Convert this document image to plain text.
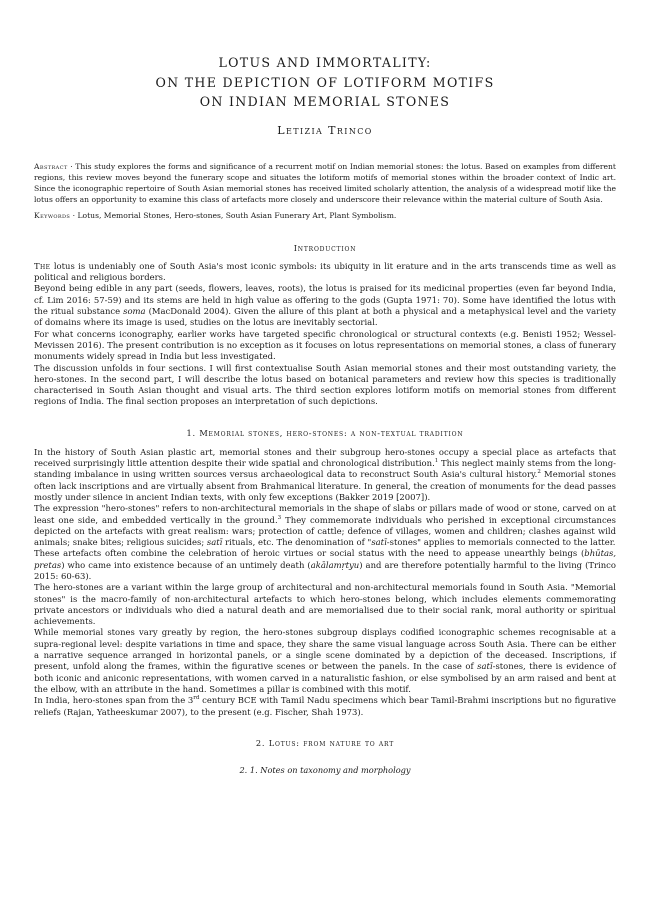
LOTUS AND IMMORTALITY:
ON THE DEPICTION OF LOTIFORM MOTIFS
ON INDIAN MEMORIAL STONES
Letizia Trinco
Abstract · This study explores the forms and significance of a recurrent motif on Indian memorial stones: the lotus. Based on examples from different regions, this review moves beyond the funerary scope and situates the lotiform motifs of memorial stones within the broader context of Indic art. Since the iconographic repertoire of South Asian memorial stones has received limited scholarly attention, the analysis of a widespread motif like the lotus offers an opportunity to examine this class of artefacts more closely and underscore their relevance within the material culture of South Asia.
Keywords · Lotus, Memorial Stones, Hero-stones, South Asian Funerary Art, Plant Symbolism.
Introduction

The lotus is undeniably one of South Asia's most iconic symbols: its ubiquity in lit erature and in the arts transcends time as well as political and religious borders.

Beyond being edible in any part (seeds, flowers, leaves, roots), the lotus is praised for its medicinal properties (even far beyond India, cf. Lim 2016: 57-59) and its stems are held in high value as offering to the gods (Gupta 1971: 70). Some have identified the lotus with the ritual substance soma (MacDonald 2004). Given the allure of this plant at both a physical and a metaphysical level and the variety of domains where its image is used, studies on the lotus are inevitably sectorial.

For what concerns iconography, earlier works have targeted specific chronological or structural contexts (e.g. Benisti 1952; Wessel-Mevissen 2016). The present contribution is no exception as it focuses on lotus representations on memorial stones, a class of funerary monuments widely spread in India but less investigated.

The discussion unfolds in four sections. I will first contextualise South Asian memorial stones and their most outstanding variety, the hero-stones. In the second part, I will describe the lotus based on botanical parameters and review how this species is traditionally characterised in South Asian thought and visual arts. The third section explores lotiform motifs on memorial stones from different regions of India. The final section proposes an interpretation of such depictions.

1. Memorial stones, hero-stones: a non-textual tradition

In the history of South Asian plastic art, memorial stones and their subgroup hero-stones occupy a special place as artefacts that received surprisingly little attention despite their wide spatial and chronological distribution.$^1$ This neglect mainly stems from the long-standing imbalance in using written sources versus archaeological data to reconstruct South Asia's cultural history.$^2$ Memorial stones often lack inscriptions and are virtually absent from Brahmanical literature. In general, the creation of monuments for the dead passes mostly under silence in ancient Indian texts, with only few exceptions (Bakker 2019 [2007]).

The expression "hero-stones" refers to non-architectural memorials in the shape of slabs or pillars made of wood or stone, carved on at least one side, and embedded vertically in the ground.$^3$ They commemorate individuals who perished in exceptional circumstances depicted on the artefacts with great realism: wars; protection of cattle; defence of villages, women and children; clashes against wild animals; snake bites; religious suicides; satī rituals, etc. The denomination of "satī-stones" applies to memorials connected to the latter.

These artefacts often combine the celebration of heroic virtues or social status with the need to appease unearthly beings (bhūtas, pretas) who came into existence because of an untimely death (akālamṛtyu) and are therefore potentially harmful to the living (Trinco 2015: 60-63).

The hero-stones are a variant within the large group of architectural and non-architectural memorials found in South Asia. "Memorial stones" is the macro-family of non-architectural artefacts to which hero-stones belong, which includes elements commemorating private ancestors or individuals who died a natural death and are memorialised due to their social rank, moral authority or spiritual achievements.

While memorial stones vary greatly by region, the hero-stones subgroup displays codified iconographic schemes recognisable at a supra-regional level: despite variations in time and space, they share the same visual language across South Asia. There can be either a narrative sequence arranged in horizontal panels, or a single scene dominated by a depiction of the deceased. Inscriptions, if present, unfold along the frames, within the figurative scenes or between the panels. In the case of satī-stones, there is evidence of both iconic and aniconic representations, with women carved in a naturalistic fashion, or else symbolised by an arm raised and bent at the elbow, with an attribute in the hand. Sometimes a pillar is combined with this motif.

In India, hero-stones span from the 3rd century BCE with Tamil Nadu specimens which bear Tamil-Brahmi inscriptions but no figurative reliefs (Rajan, Yatheeskumar 2007), to the present (e.g. Fischer, Shah 1973).

2. Lotus: from nature to art
2. 1. Notes on taxonomy and morphology
